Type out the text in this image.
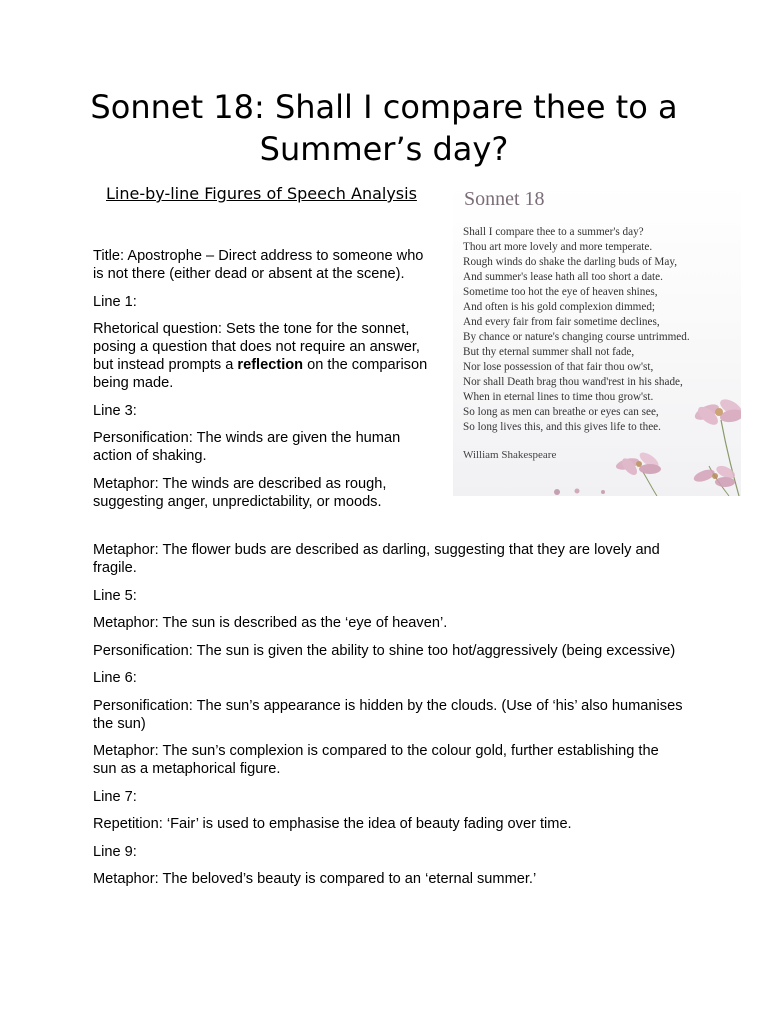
Sonnet 18: Shall I compare thee to a Summer’s day?

Line-by-line Figures of Speech Analysis	Sonnet 18

Shall I compare thee to a summer's day?
Thou art more lovely and more temperate.
Rough winds do shake the darling buds of May,
And summer's lease hath all too short a date.
Sometime too hot the eye of heaven shines,
And often is his gold complexion dimmed;
And every fair from fair sometime declines,
By chance or nature's changing course untrimmed.
But thy eternal summer shall not fade,
Nor lose possession of that fair thou ow'st,
Nor shall Death brag thou wand'rest in his shade,
When in eternal lines to time thou grow'st.
So long as men can breathe or eyes can see,
So long lives this, and this gives life to thee.
William Shakespeare

Title: Apostrophe – Direct address to someone who is not there (either dead or absent at the scene).

Line 1:

Rhetorical question: Sets the tone for the sonnet, posing a question that does not require an answer, but instead prompts a reflection on the comparison being made.

Line 3:

Personification: The winds are given the human action of shaking.

Metaphor: The winds are described as rough, suggesting anger, unpredictability, or moods.

Metaphor: The flower buds are described as darling, suggesting that they are lovely and fragile.

Line 5:

Metaphor: The sun is described as the ‘eye of heaven’.

Personification: The sun is given the ability to shine too hot/aggressively (being excessive)

Line 6:

Personification: The sun’s appearance is hidden by the clouds. (Use of ‘his’ also humanises the sun)

Metaphor: The sun’s complexion is compared to the colour gold, further establishing the sun as a metaphorical figure.

Line 7:

Repetition: ‘Fair’ is used to emphasise the idea of beauty fading over time.

Line 9:

Metaphor: The beloved’s beauty is compared to an ‘eternal summer.’
